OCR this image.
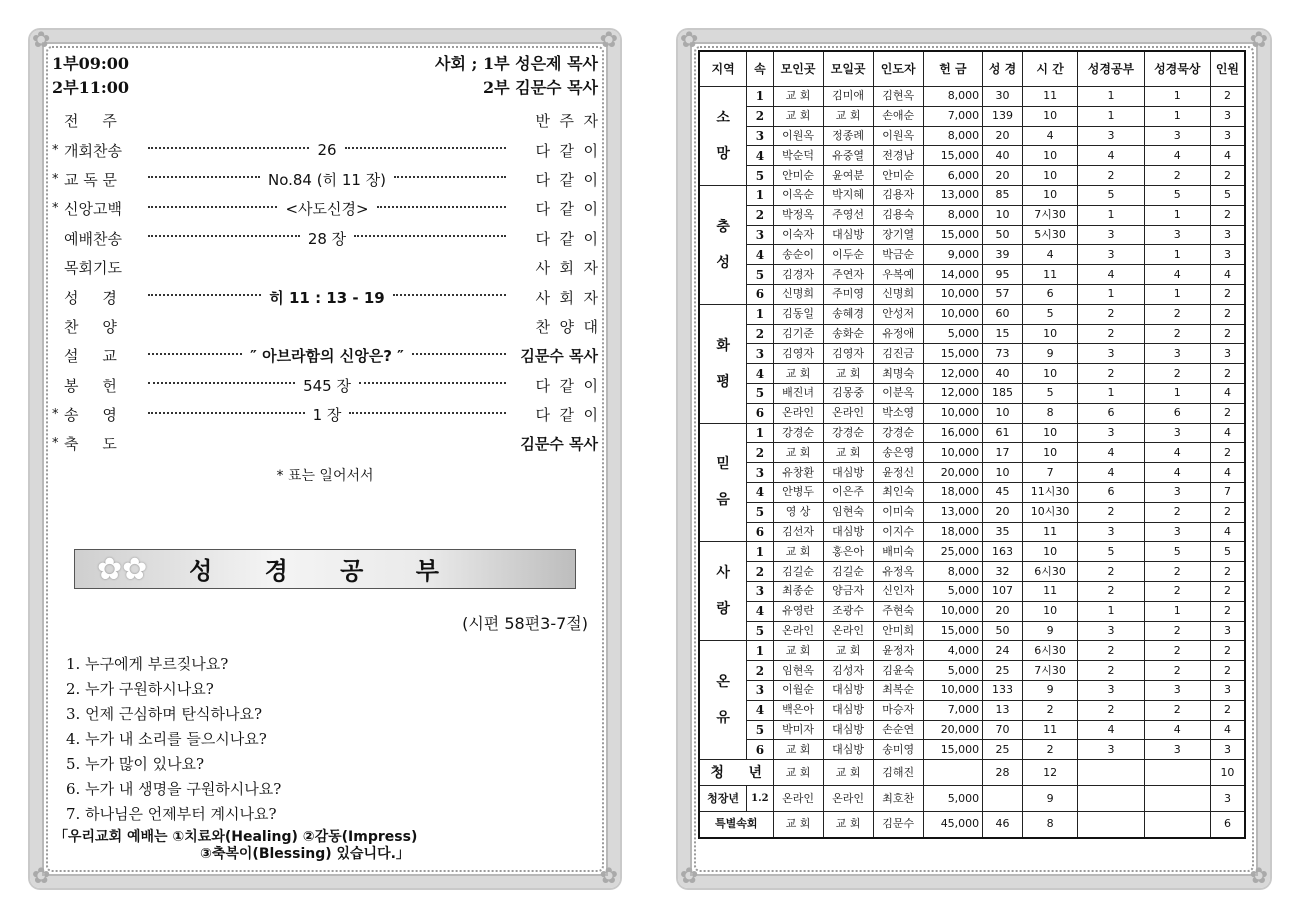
✿	✿
✿	✿
1부09:00	사회 ; 1부 성은제 목사
2부11:00	2부 김문수 목사
전     주	반  주  자
* 개회찬송	26	다  같  이
* 교 독 문	No.84 (히 11 장)	다  같  이
* 신앙고백	<사도신경>	다  같  이
예배찬송	28 장	다  같  이
목회기도	사  회  자
성     경	히 11 : 13 - 19	사  회  자
찬     양	찬  양  대
설     교	″ 아브라함의 신앙은? ″	김문수 목사
봉     헌	545 장	다  같  이
* 송     영	1 장	다  같  이
* 축     도	김문수 목사
* 표는 일어서서
✿✿ 성 경 공 부
(시편 58편3-7절)
1. 누구에게 부르짖나요?
2. 누가 구원하시나요?
3. 언제 근심하며 탄식하나요?
4. 누가 내 소리를 들으시나요?
5. 누가 많이 있나요?
6. 누가 내 생명을 구원하시나요?
7. 하나님은 언제부터 계시나요?
「우리교회 예배는 ①치료와(Healing) ②감동(Impress)
③축복이(Blessing) 있습니다.」
✿	✿
✿	✿
지역	속	모인곳	모일곳	인도자	헌 금	성 경	시 간	성경공부	성경묵상	인원
소

망	1	교 회	김미애	김현옥	8,000	30	11	1	1	2
	2	교 회	교 회	손애순	7,000	139	10	1	1	3
	3	이원옥	정종례	이원옥	8,000	20	4	3	3	3
	4	박순덕	유중열	전경남	15,000	40	10	4	4	4
	5	안미순	윤여분	안미순	6,000	20	10	2	2	2
충

성	1	이옥순	박지혜	김용자	13,000	85	10	5	5	5
	2	박정옥	주영선	김용숙	8,000	10	7시30	1	1	2
	3	이숙자	대심방	장기열	15,000	50	5시30	3	3	3
	4	송순이	이두순	박금순	9,000	39	4	3	1	3
	5	김경자	주연자	우복예	14,000	95	11	4	4	4
	6	신명희	주미영	신명희	10,000	57	6	1	1	2
화

평	1	김동일	송혜경	안성저	10,000	60	5	2	2	2
	2	김기준	송화순	유정애	5,000	15	10	2	2	2
	3	김영자	김영자	김진금	15,000	73	9	3	3	3
	4	교 회	교 회	최명숙	12,000	40	10	2	2	2
	5	배진녀	김몽중	이분옥	12,000	185	5	1	1	4
	6	온라인	온라인	박소영	10,000	10	8	6	6	2
믿

음	1	강경순	강경순	강경순	16,000	61	10	3	3	4
	2	교 회	교 회	송은영	10,000	17	10	4	4	2
	3	유창환	대심방	윤정신	20,000	10	7	4	4	4
	4	안병두	이은주	최인숙	18,000	45	11시30	6	3	7
	5	영 상	임현숙	이미숙	13,000	20	10시30	2	2	2
	6	김선자	대심방	이지수	18,000	35	11	3	3	4
사

랑	1	교 회	홍은아	배미숙	25,000	163	10	5	5	5
	2	김길순	김길순	유정옥	8,000	32	6시30	2	2	2
	3	최종순	양금자	신인자	5,000	107	11	2	2	2
	4	유영란	조광수	주현숙	10,000	20	10	1	1	2
	5	온라인	온라인	안미희	15,000	50	9	3	2	3
온

유	1	교 회	교 회	윤정자	4,000	24	6시30	2	2	2
	2	임현옥	김성자	김윤숙	5,000	25	7시30	2	2	2
	3	이월순	대심방	최복순	10,000	133	9	3	3	3
	4	백은아	대심방	마승자	7,000	13	2	2	2	2
	5	박미자	대심방	손순연	20,000	70	11	4	4	4
	6	교 회	대심방	송미영	15,000	25	2	3	3	3
청     년		교 회	교 회	김해진		28	12			10
청장년	1.2	온라인	온라인	최호찬	5,000		9			3
특별속회		교 회	교 회	김문수	45,000	46	8			6
